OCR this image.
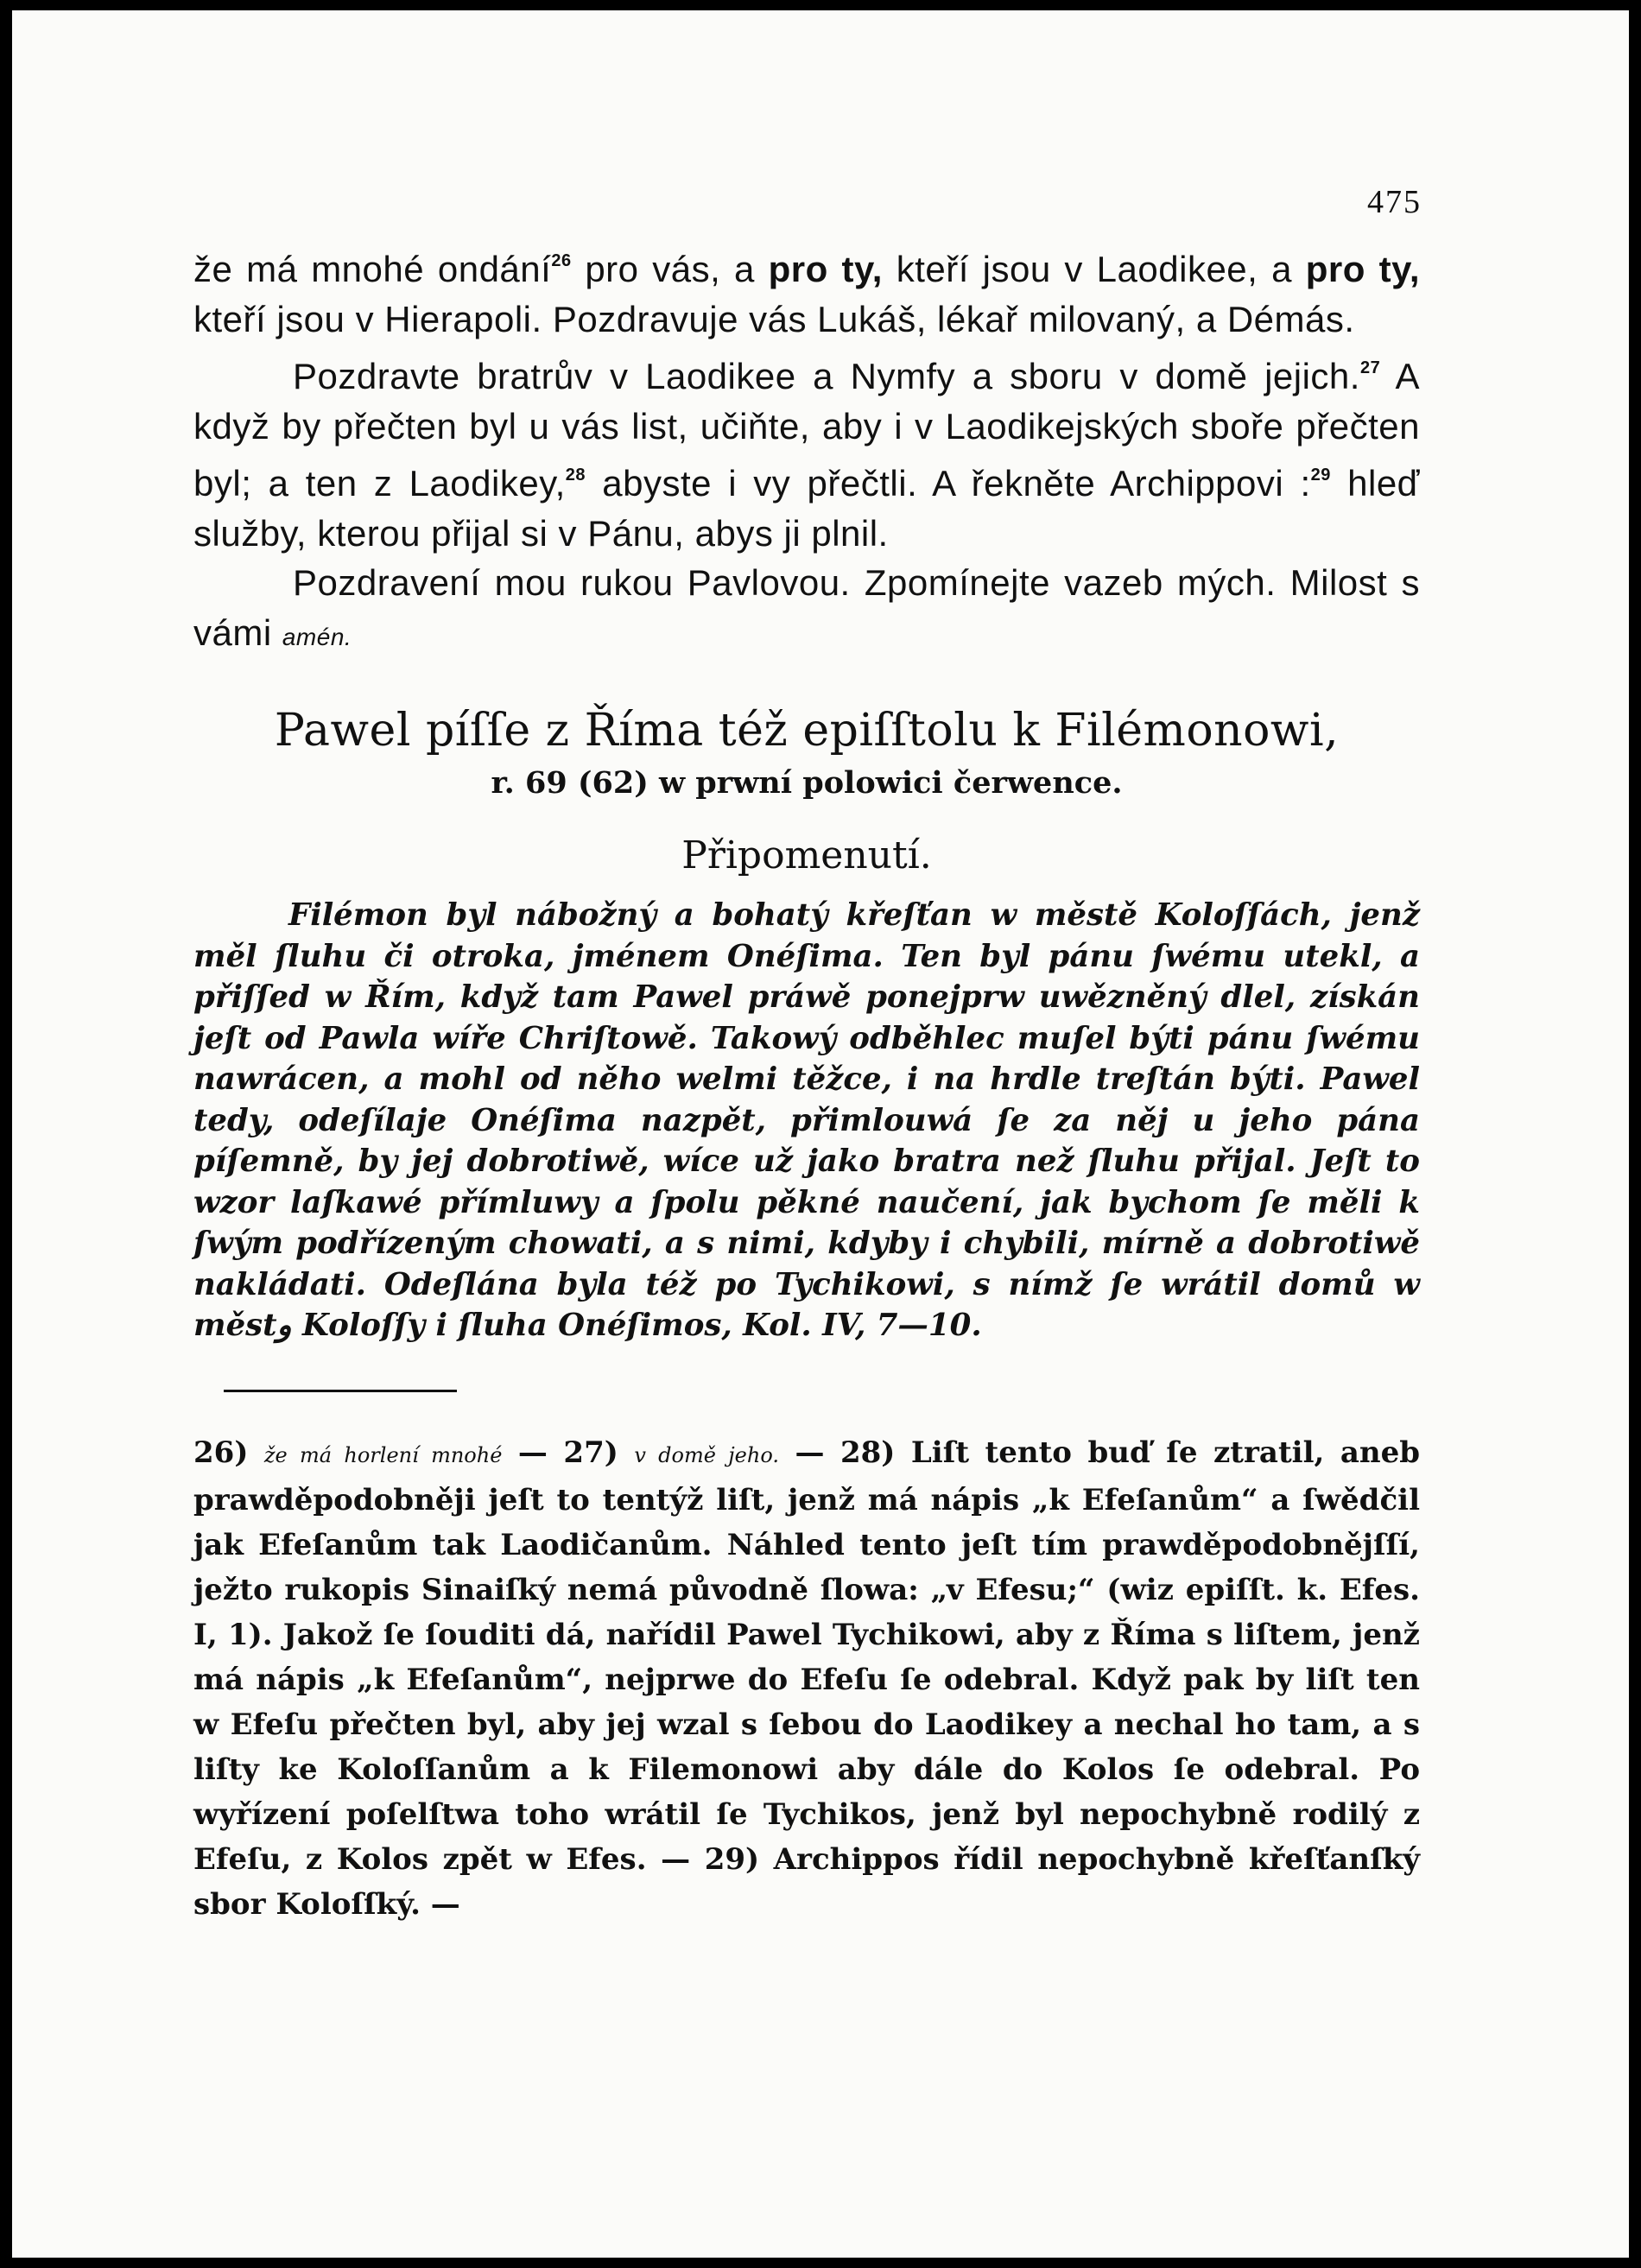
475

že má mnohé ondání$^{26}$ pro vás, a pro ty, kteří jsou v Laodikee, a pro ty, kteří jsou v Hierapoli. Pozdravuje vás Lukáš, lékař milovaný, a Démás.

Pozdravte bratrův v Laodikee a Nymfy a sboru v domě jejich.$^{27}$ A když by přečten byl u vás list, učiňte, aby i v Laodikejských sboře přečten byl; a ten z Laodikey,$^{28}$ abyste i vy přečtli. A řekněte Archippovi :$^{29}$ hleď služby, kterou přijal si v Pánu, abys ji plnil.

Pozdravení mou rukou Pavlovou. Zpomínejte vazeb mých. Milost s vámi amén.

Pawel píſſe z Říma též epiſſtolu k Filémonowi,
r. 69 (62) w prwní polowici čerwence.
Připomenutí.

Filémon byl nábožný a bohatý křeſťan w městě Koloſſách, jenž měl ſluhu či otroka, jménem Onéſima. Ten byl pánu ſwému utekl, a přiſſed w Řím, když tam Pawel práwě ponejprw uwězněný dlel, získán jeſt od Pawla wíře Chriſtowě. Takowý odběhlec muſel býti pánu ſwému nawrácen, a mohl od něho welmi těžce, i na hrdle treſtán býti. Pawel tedy, odeſílaje Onéſima nazpět, přimlouwá ſe za něj u jeho pána píſemně, by jej dobrotiwě, wíce už jako bratra než ſluhu přijal. Jeſt to wzor laſkawé přímluwy a ſpolu pěkné naučení, jak bychom ſe měli k ſwým podřízeným chowati, a s nimi, kdyby i chybili, mírně a dobrotiwě nakládati. Odeſlána byla též po Tychikowi, s nímž ſe wrátil domů w městو Koloſſy i ſluha Onéſimos, Kol. IV, 7—10.

26) že má horlení mnohé — 27) v domě jeho. — 28) Liſt tento buď ſe ztratil, aneb prawděpodobněji jeſt to tentýž liſt, jenž má nápis „k Efeſanům“ a ſwědčil jak Efeſanům tak Laodičanům. Náhled tento jeſt tím prawděpodobnějſſí, ježto rukopis Sinaiſký nemá původně ſlowa: „v Efesu;“ (wiz epiſſt. k. Efes. I, 1). Jakož ſe ſouditi dá, nařídil Pawel Tychikowi, aby z Říma s liſtem, jenž má nápis „k Efeſanům“, nejprwe do Efeſu ſe odebral. Když pak by liſt ten w Efeſu přečten byl, aby jej wzal s ſebou do Laodikey a nechal ho tam, a s liſty ke Koloſſanům a k Filemonowi aby dále do Kolos ſe odebral. Po wyřízení poſelſtwa toho wrátil ſe Tychikos, jenž byl nepochybně rodilý z Efeſu, z Kolos zpět w Efes. — 29) Archippos řídil nepochybně křeſťanſký sbor Koloſſký. —
